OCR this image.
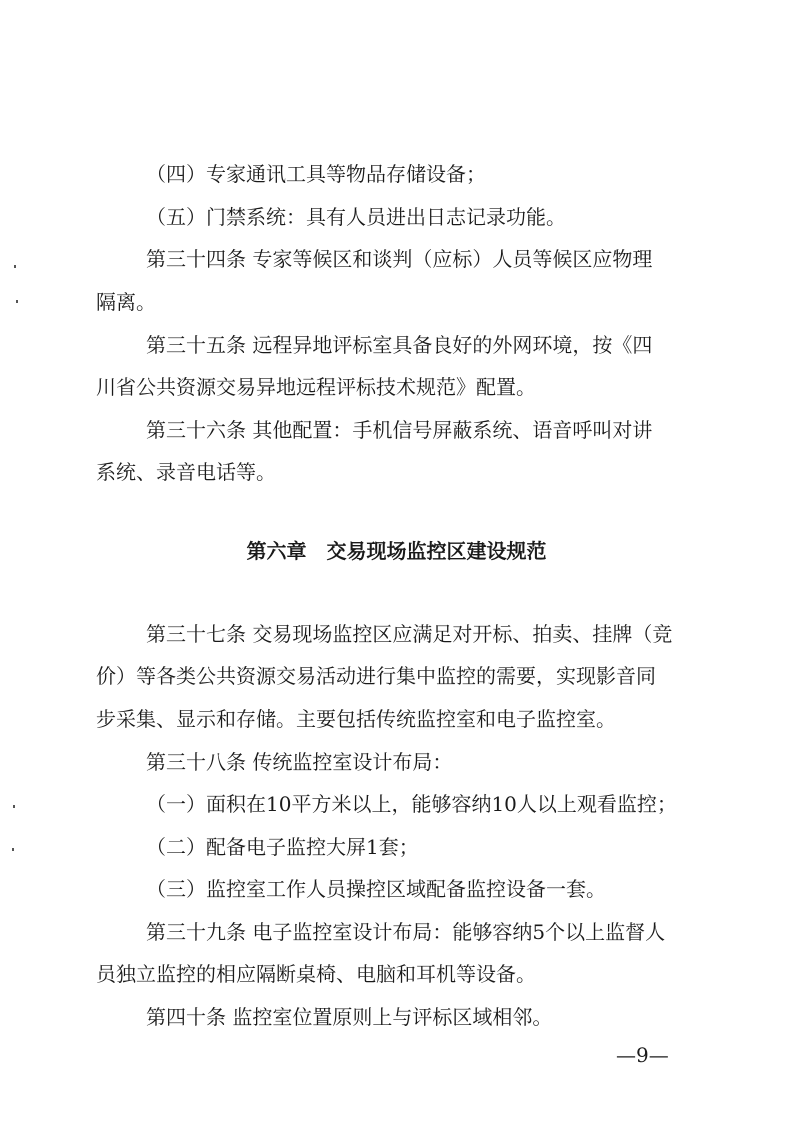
（四）专家通讯工具等物品存储设备；
（五）门禁系统：具有人员进出日志记录功能。
第三十四条 专家等候区和谈判（应标）人员等候区应物理
隔离。
第三十五条 远程异地评标室具备良好的外网环境，按《四
川省公共资源交易异地远程评标技术规范》配置。
第三十六条 其他配置：手机信号屏蔽系统、语音呼叫对讲
系统、录音电话等。
第六章　交易现场监控区建设规范
第三十七条 交易现场监控区应满足对开标、拍卖、挂牌（竞
价）等各类公共资源交易活动进行集中监控的需要，实现影音同
步采集、显示和存储。主要包括传统监控室和电子监控室。
第三十八条 传统监控室设计布局：
（一）面积在10平方米以上，能够容纳10人以上观看监控；
（二）配备电子监控大屏1套；
（三）监控室工作人员操控区域配备监控设备一套。
第三十九条 电子监控室设计布局：能够容纳5个以上监督人
员独立监控的相应隔断桌椅、电脑和耳机等设备。
第四十条 监控室位置原则上与评标区域相邻。
—9—
